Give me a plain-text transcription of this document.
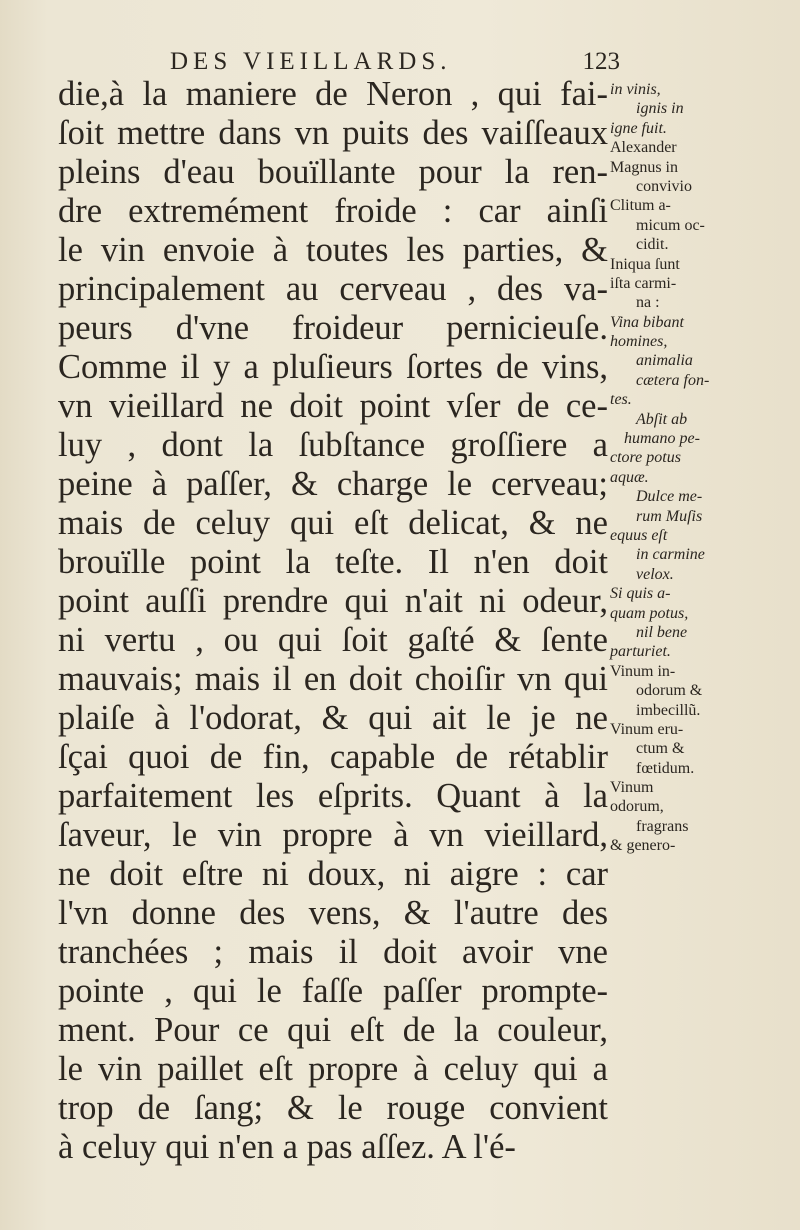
DES VIEILLARDS.	123
die,à la maniere de Neron , qui fai-
ſoit mettre dans vn puits des vaiſſeaux
pleins d'eau bouïllante pour la ren-
dre extremément froide : car ainſi
le vin envoie à toutes les parties, &
principalement au cerveau , des va-
peurs d'vne froideur pernicieuſe.
Comme il y a pluſieurs ſortes de vins,
vn vieillard ne doit point vſer de ce-
luy , dont la ſubſtance groſſiere a
peine à paſſer, & charge le cerveau;
mais de celuy qui eſt delicat, & ne
brouïlle point la teſte. Il n'en doit
point auſſi prendre qui n'ait ni odeur,
ni vertu , ou qui ſoit gaſté & ſente
mauvais; mais il en doit choiſir vn qui
plaiſe à l'odorat, & qui ait le je ne
ſçai quoi de fin, capable de rétablir
parfaitement les eſprits. Quant à la
ſaveur, le vin propre à vn vieillard,
ne doit eſtre ni doux, ni aigre : car
l'vn donne des vens, & l'autre des
tranchées ; mais il doit avoir vne
pointe , qui le faſſe paſſer prompte-
ment. Pour ce qui eſt de la couleur,
le vin paillet eſt propre à celuy qui a
trop de ſang; & le rouge convient
à celuy qui n'en a pas aſſez. A l'é-
in vinis,
ignis in
igne fuit.
Alexander
Magnus in
convivio
Clitum a-
micum oc-
cidit.
Iniqua ſunt
iſta carmi-
na :
Vina bibant
homines,
animalia
cætera fon-
tes.
Abſit ab
humano pe-
ctore potus
aquæ.
Dulce me-
rum Muſis
equus eſt
in carmine
velox.
Si quis a-
quam potus,
nil bene
parturiet.
Vinum in-
odorum &
imbecillũ.
Vinum eru-
ctum &
fœtidum.
Vinum
odorum,
fragrans
& genero-
